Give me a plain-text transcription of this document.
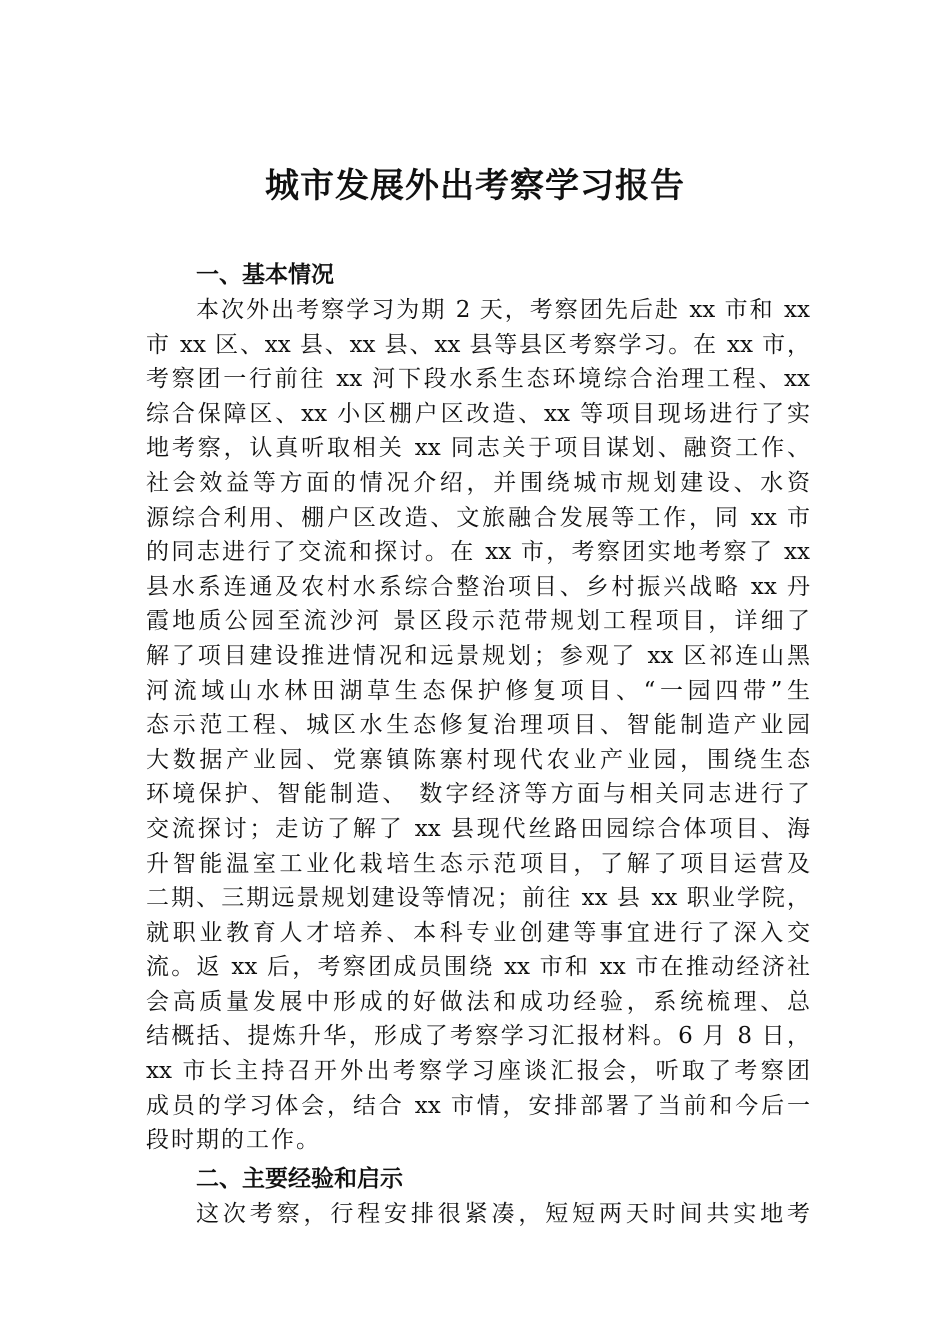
城市发展外出考察学习报告
一、基本情况
本次外出考察学习为期 2 天，考察团先后赴 xx 市和 xx
市 xx 区、xx 县、xx 县、xx 县等县区考察学习。在 xx 市，
考察团一行前往 xx 河下段水系生态环境综合治理工程、xx
综合保障区、xx 小区棚户区改造、xx 等项目现场进行了实
地考察，认真听取相关 xx 同志关于项目谋划、融资工作、
社会效益等方面的情况介绍，并围绕城市规划建设、水资
源综合利用、棚户区改造、文旅融合发展等工作，同 xx 市
的同志进行了交流和探讨。在 xx 市，考察团实地考察了 xx
县水系连通及农村水系综合整治项目、乡村振兴战略 xx 丹
霞地质公园至流沙河 景区段示范带规划工程项目，详细了
解了项目建设推进情况和远景规划；参观了 xx 区祁连山黑
河流域山水林田湖草生态保护修复项目、“一园四带”生
态示范工程、城区水生态修复治理项目、智能制造产业园
大数据产业园、党寨镇陈寨村现代农业产业园，围绕生态
环境保护、智能制造、 数字经济等方面与相关同志进行了
交流探讨；走访了解了 xx 县现代丝路田园综合体项目、海
升智能温室工业化栽培生态示范项目，了解了项目运营及
二期、三期远景规划建设等情况；前往 xx 县 xx 职业学院，
就职业教育人才培养、本科专业创建等事宜进行了深入交
流。返 xx 后，考察团成员围绕 xx 市和 xx 市在推动经济社
会高质量发展中形成的好做法和成功经验，系统梳理、总
结概括、提炼升华，形成了考察学习汇报材料。6 月 8 日，
xx 市长主持召开外出考察学习座谈汇报会，听取了考察团
成员的学习体会，结合 xx 市情，安排部署了当前和今后一
段时期的工作。
二、主要经验和启示
这次考察，行程安排很紧凑，短短两天时间共实地考
